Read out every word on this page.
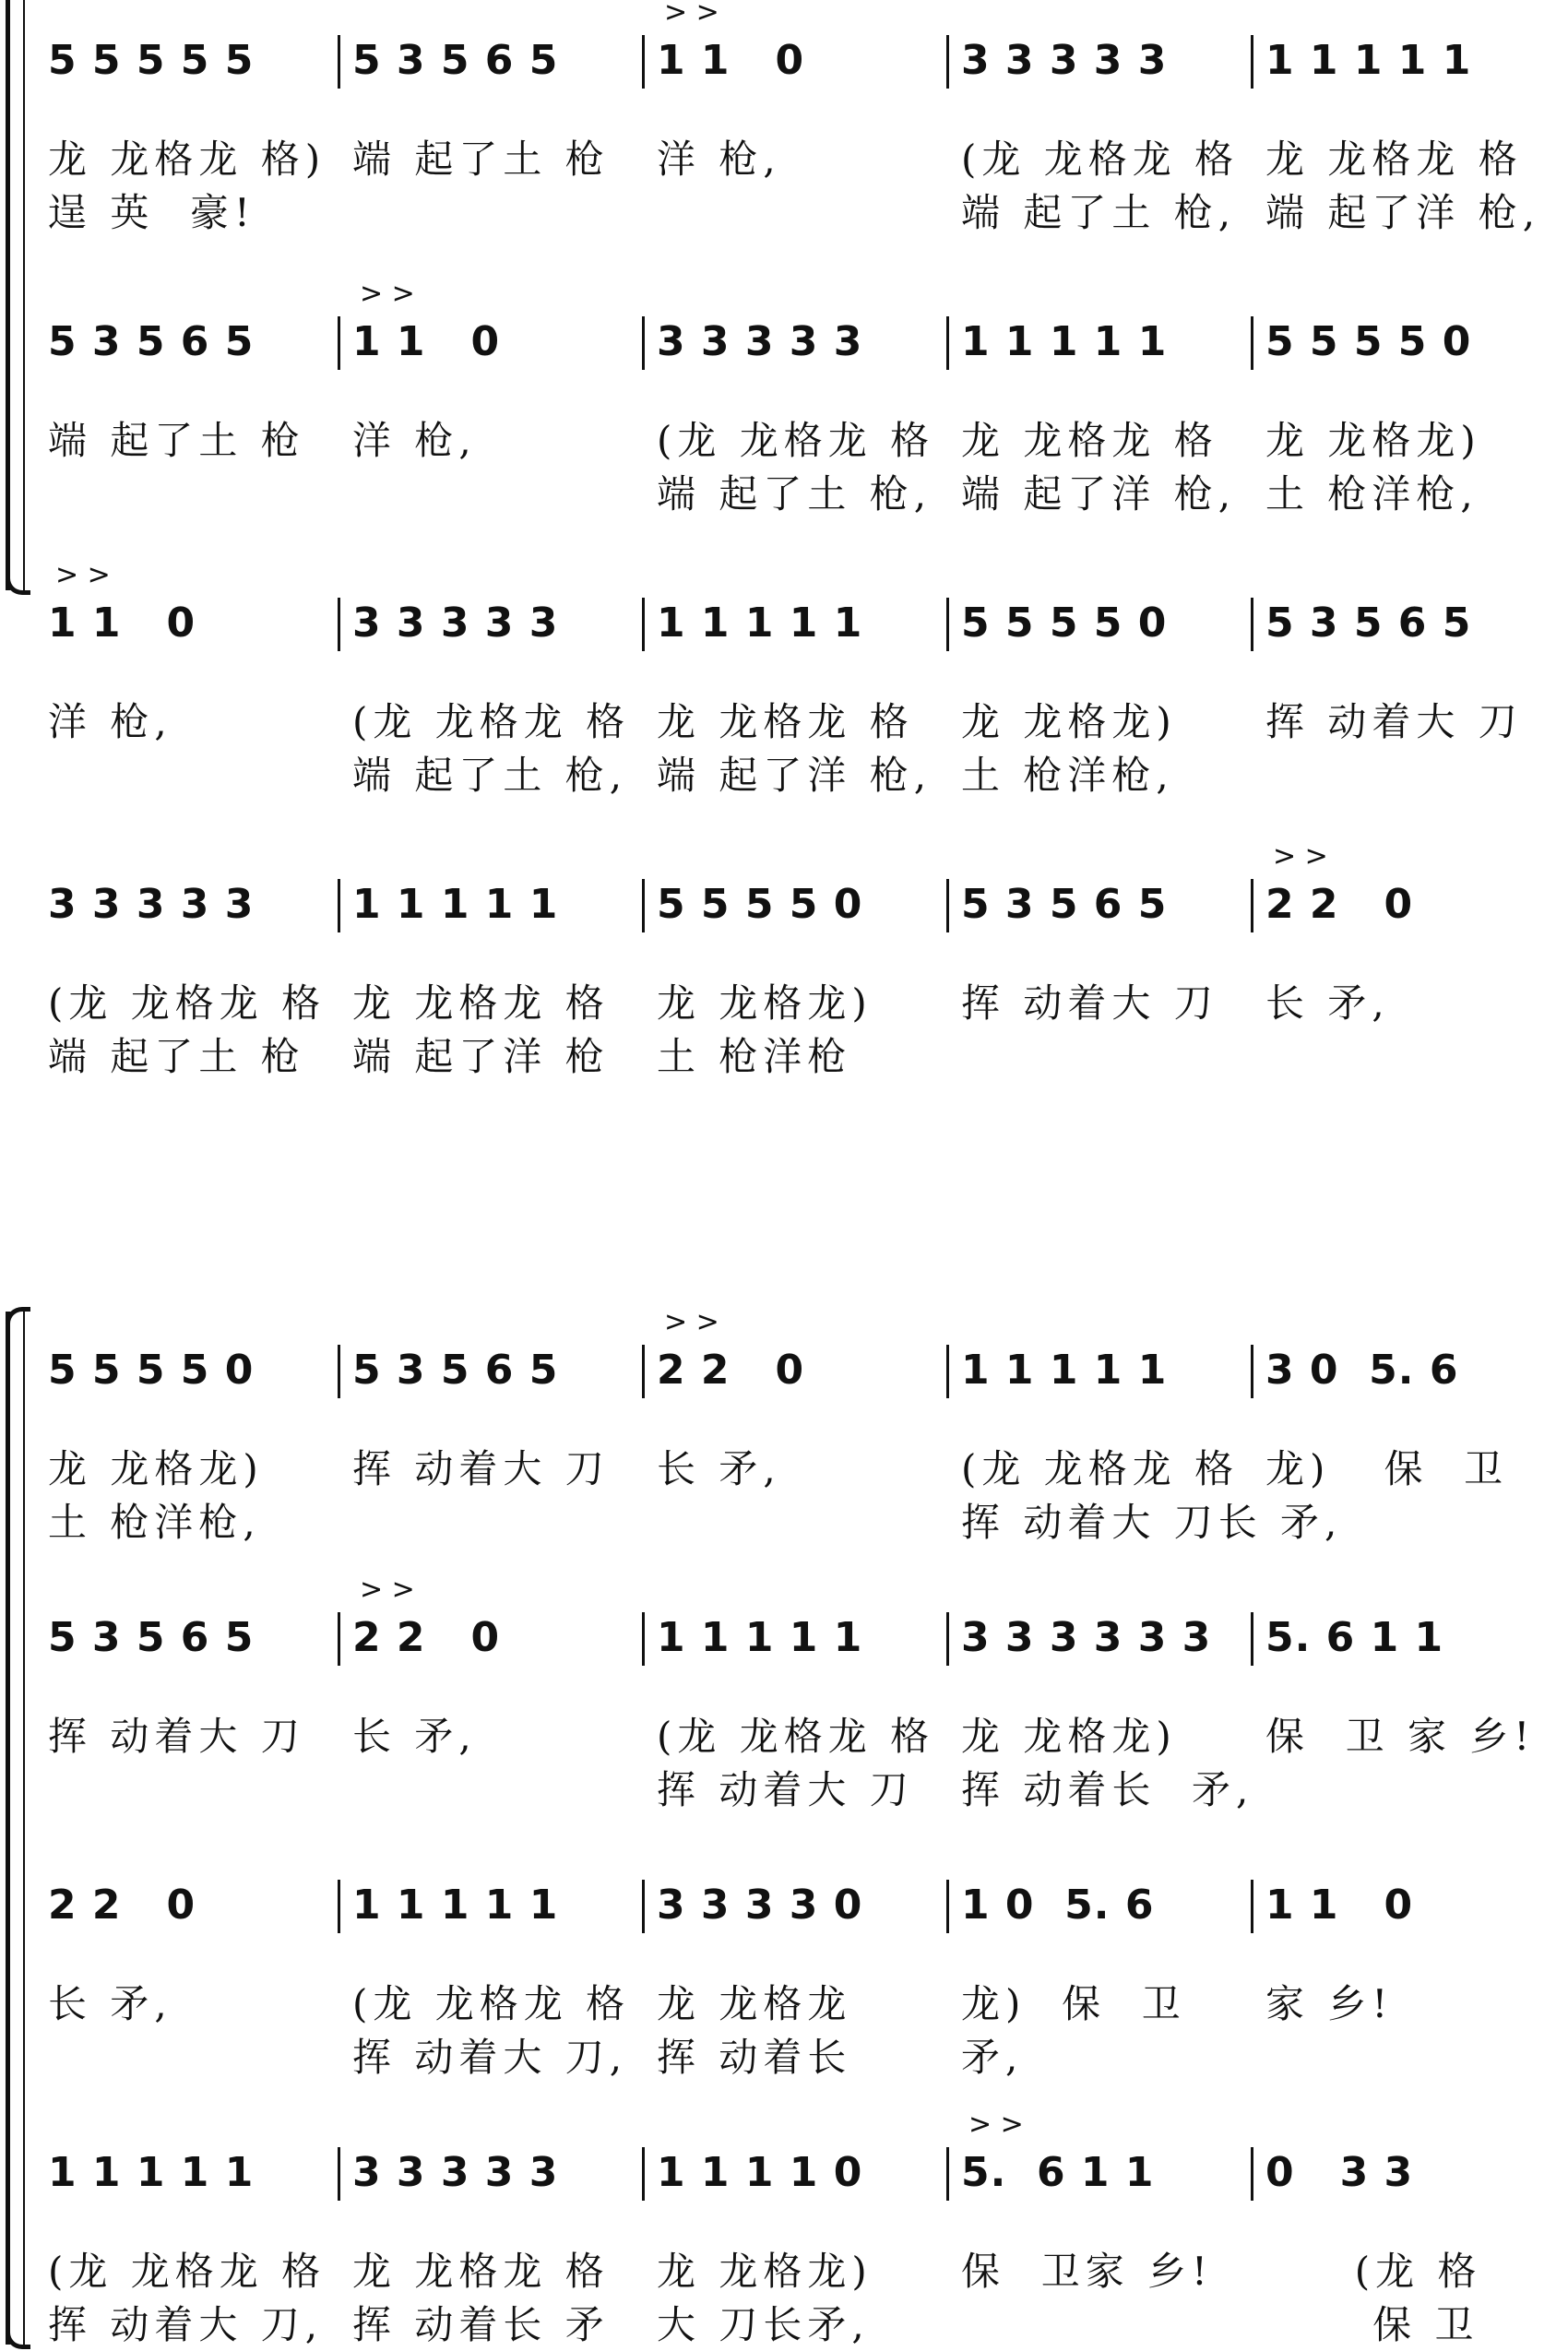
5 5 5 5 5
龙 龙格龙 格)
逞 英  豪!
5 3 5 6 5
端 起了土 枪
> >
1 1   0
洋 枪,
3 3 3 3 3
(龙 龙格龙 格
端 起了土 枪,
1 1 1 1 1
龙 龙格龙 格
端 起了洋 枪,
5 3 5 6 5
端 起了土 枪
> >
1 1   0
洋 枪,
3 3 3 3 3
(龙 龙格龙 格
端 起了土 枪,
1 1 1 1 1
龙 龙格龙 格
端 起了洋 枪,
5 5 5 5 0
龙 龙格龙)
土 枪洋枪,
> >
1 1   0
洋 枪,
3 3 3 3 3
(龙 龙格龙 格
端 起了土 枪,
1 1 1 1 1
龙 龙格龙 格
端 起了洋 枪,
5 5 5 5 0
龙 龙格龙)
土 枪洋枪,
5 3 5 6 5
挥 动着大 刀
3 3 3 3 3
(龙 龙格龙 格
端 起了土 枪
1 1 1 1 1
龙 龙格龙 格
端 起了洋 枪
5 5 5 5 0
龙 龙格龙)
土 枪洋枪
5 3 5 6 5
挥 动着大 刀
> >
2 2   0
长 矛,
5 5 5 5 0
龙 龙格龙)
土 枪洋枪,
5 3 5 6 5
挥 动着大 刀
> >
2 2   0
长 矛,
1 1 1 1 1
(龙 龙格龙 格
挥 动着大 刀长 矛,
3 0  5. 6
龙)   保  卫
5 3 5 6 5
挥 动着大 刀
> >
2 2   0
长 矛,
1 1 1 1 1
(龙 龙格龙 格
挥 动着大 刀
3 3 3 3 3 3
龙 龙格龙)
挥 动着长  矛,
5. 6 1 1
保  卫 家 乡!
2 2   0
长 矛,
1 1 1 1 1
(龙 龙格龙 格
挥 动着大 刀,
3 3 3 3 0
龙 龙格龙
挥 动着长
1 0  5. 6
龙)  保  卫
矛,
1 1   0
家 乡!
1 1 1 1 1
(龙 龙格龙 格
挥 动着大 刀,
3 3 3 3 3
龙 龙格龙 格
挥 动着长 矛
1 1 1 1 0
龙 龙格龙)
大 刀长矛,
> >
5.  6 1 1
保  卫家 乡!
0   3 3
(龙 格
保 卫
